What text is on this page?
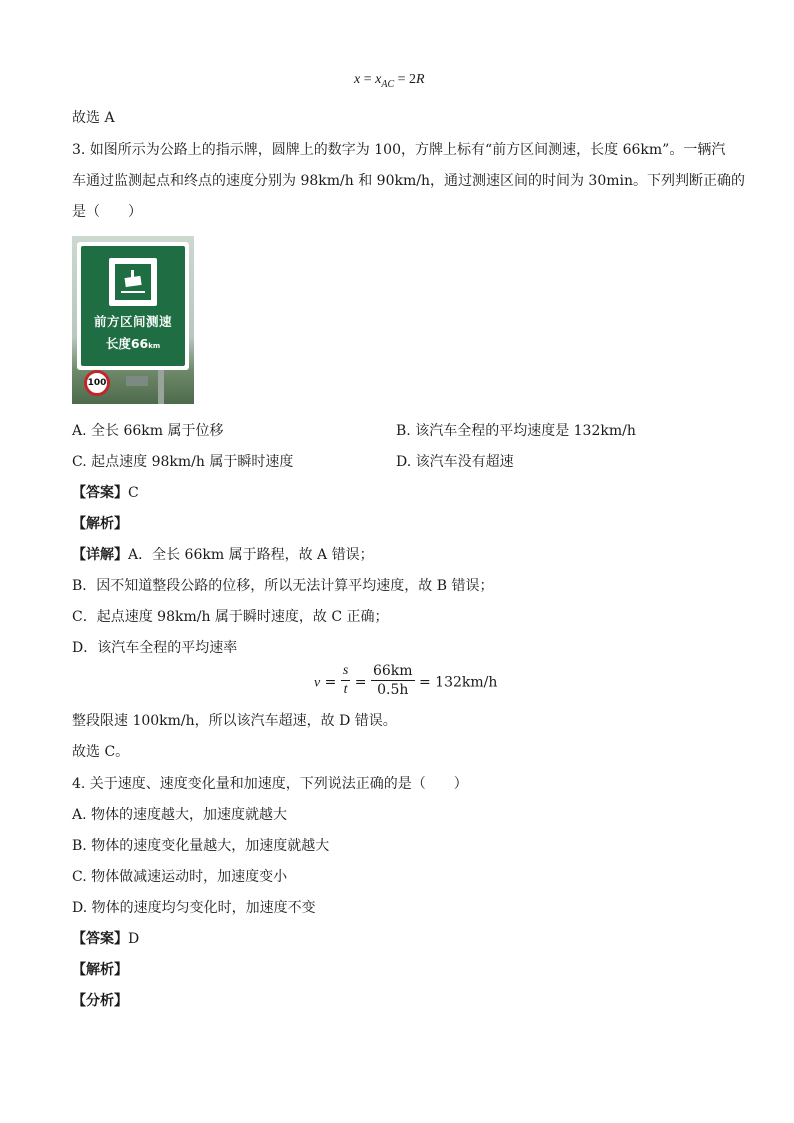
$x = x_{AC} = 2R$
故选 A
3. 如图所示为公路上的指示牌，圆牌上的数字为 100，方牌上标有“前方区间测速，长度 66km”。一辆汽
车通过监测起点和终点的速度分别为 98km/h 和 90km/h，通过测速区间的时间为 30min。下列判断正确的
是（　　）
前方区间测速
长度66km
100
A. 全长 66km 属于位移	B. 该汽车全程的平均速度是 132km/h
C. 起点速度 98km/h 属于瞬时速度	D. 该汽车没有超速
【答案】C
【解析】
【详解】A．全长 66km 属于路程，故 A 错误；
B．因不知道整段公路的位移，所以无法计算平均速度，故 B 错误；
C．起点速度 98km/h 属于瞬时速度，故 C 正确；
D．该汽车全程的平均速率
$v = \frac{s}{t} = \frac{66km}{0.5h} = 132km/h$
整段限速 100km/h，所以该汽车超速，故 D 错误。
故选 C。
4. 关于速度、速度变化量和加速度，下列说法正确的是（　　）
A. 物体的速度越大，加速度就越大
B. 物体的速度变化量越大，加速度就越大
C. 物体做减速运动时，加速度变小
D. 物体的速度均匀变化时，加速度不变
【答案】D
【解析】
【分析】
